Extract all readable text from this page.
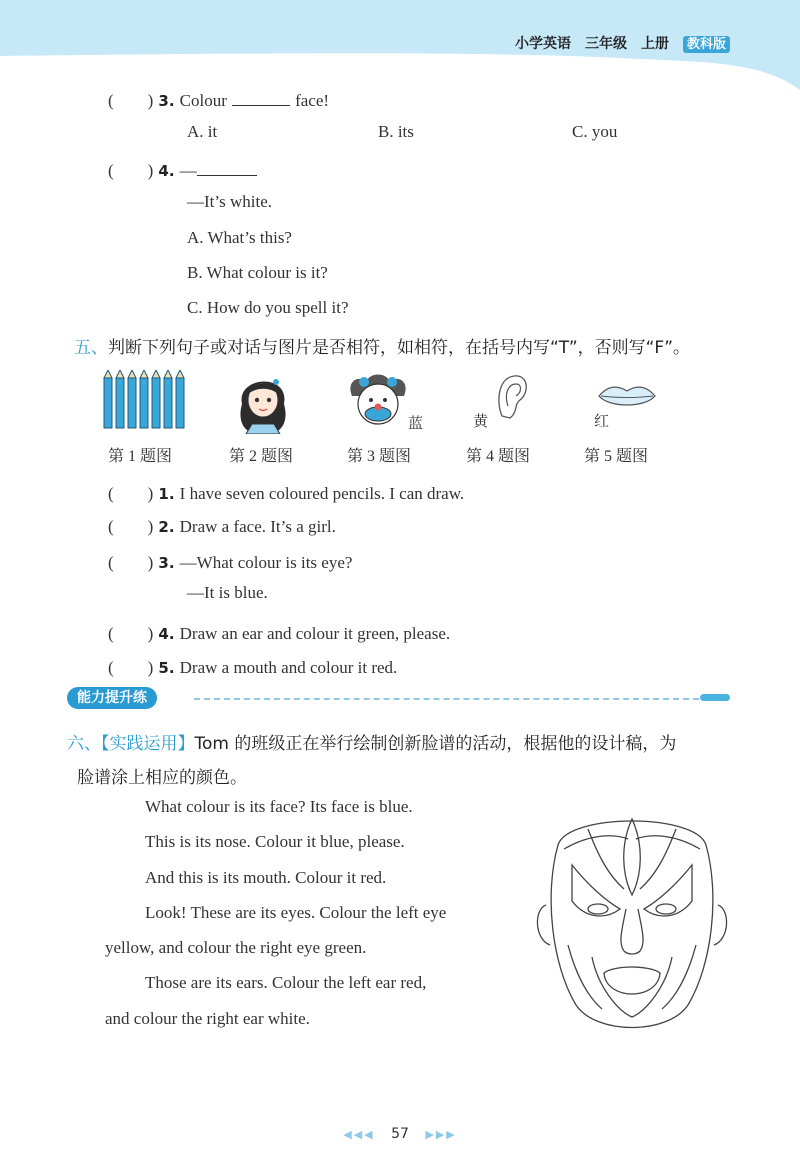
小学英语 三年级 上册 教科版
(　　) 3. Colour	face!
A. it	B. its	C. you
(　　) 4. —
—It’s white.
A. What’s this?
B. What colour is it?
C. How do you spell it?
五、判断下列句子或对话与图片是否相符，如相符，在括号内写“T”，否则写“F”。
蓝	黄	红
第 1 题图	第 2 题图	第 3 题图	第 4 题图	第 5 题图
(　　) 1. I have seven coloured pencils. I can draw.
(　　) 2. Draw a face. It’s a girl.
(　　) 3. —What colour is its eye?
—It is blue.
(　　) 4. Draw an ear and colour it green, please.
(　　) 5. Draw a mouth and colour it red.
能力提升练
六、【实践运用】Tom 的班级正在举行绘制创新脸谱的活动，根据他的设计稿，为
脸谱涂上相应的颜色。
What colour is its face? Its face is blue.
This is its nose. Colour it blue, please.
And this is its mouth. Colour it red.
Look! These are its eyes. Colour the left eye
yellow, and colour the right eye green.
Those are its ears. Colour the left ear red,
and colour the right ear white.
◀◀◀ 57 ▶▶▶
